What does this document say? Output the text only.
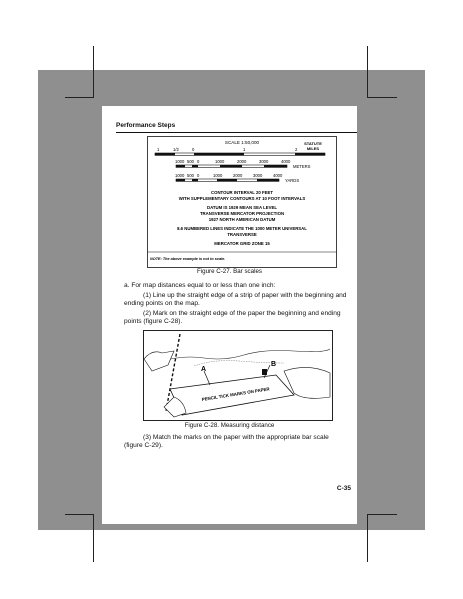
Performance Steps
SCALE 1:50,000	STATUTE
MILES
1	1/2	0	1	2
1000 500 0	1000	2000	3000	4000
METERS
1000 500 0	1000	2000	3000	4000
YARDS
CONTOUR INTERVAL 20 FEET
WITH SUPPLEMENTARY CONTOURS AT 10 FOOT INTERVALS
DATUM IS 1929 MEAN SEA LEVEL
TRANSVERSE MERCATOR PROJECTION
1927 NORTH AMERICAN DATUM
8.6 NUMBERED LINES INDICATE THE 1000 METER UNIVERSAL
TRANSVERSE
MERCATOR GRID ZONE 15
NOTE: The above example is not to scale.
Figure C-27. Bar scales
a. For map distances equal to or less than one inch:
(1) Line up the straight edge of a strip of paper with the beginning and ending points on the map.
(2) Mark on the straight edge of the paper the beginning and ending points (figure C-28).
A
B
PENCIL TICK MARKS ON PAPER
Figure C-28. Measuring distance
(3) Match the marks on the paper with the appropriate bar scale (figure C-29).
C-35
